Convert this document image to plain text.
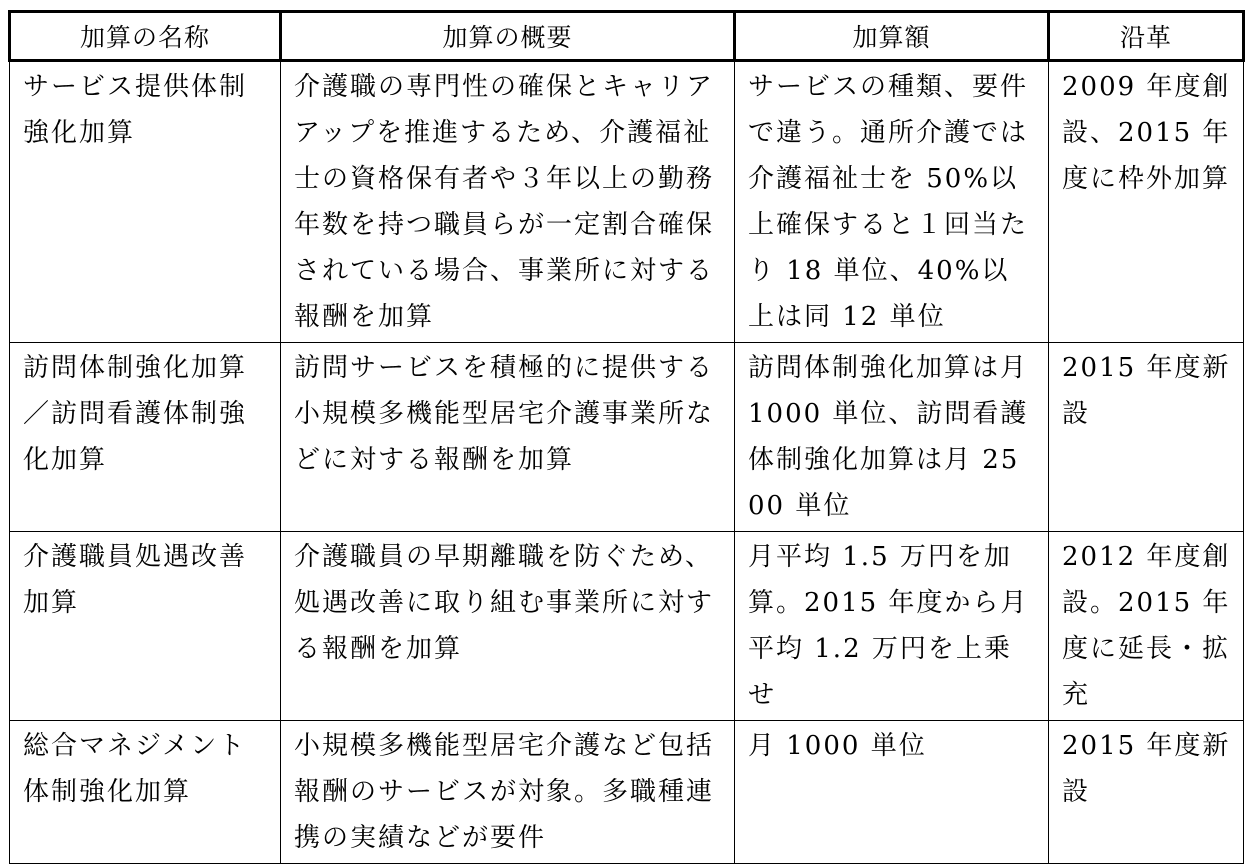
加算の名称	加算の概要	加算額	沿革
サービス提供体制強化加算	介護職の専門性の確保とキャリアアップを推進するため、介護福祉士の資格保有者や３年以上の勤務年数を持つ職員らが一定割合確保されている場合、事業所に対する報酬を加算	サービスの種類、要件で違う。通所介護では介護福祉士を 50%以上確保すると１回当たり 18 単位、40%以上は同 12 単位	2009 年度創設、2015 年度に枠外加算
訪問体制強化加算／訪問看護体制強化加算	訪問サービスを積極的に提供する小規模多機能型居宅介護事業所などに対する報酬を加算	訪問体制強化加算は月 1000 単位、訪問看護体制強化加算は月 2500 単位	2015 年度新設
介護職員処遇改善加算	介護職員の早期離職を防ぐため、処遇改善に取り組む事業所に対する報酬を加算	月平均 1.5 万円を加算。2015 年度から月平均 1.2 万円を上乗せ	2012 年度創設。2015 年度に延長・拡充
総合マネジメント体制強化加算	小規模多機能型居宅介護など包括報酬のサービスが対象。多職種連携の実績などが要件	月 1000 単位	2015 年度新設
